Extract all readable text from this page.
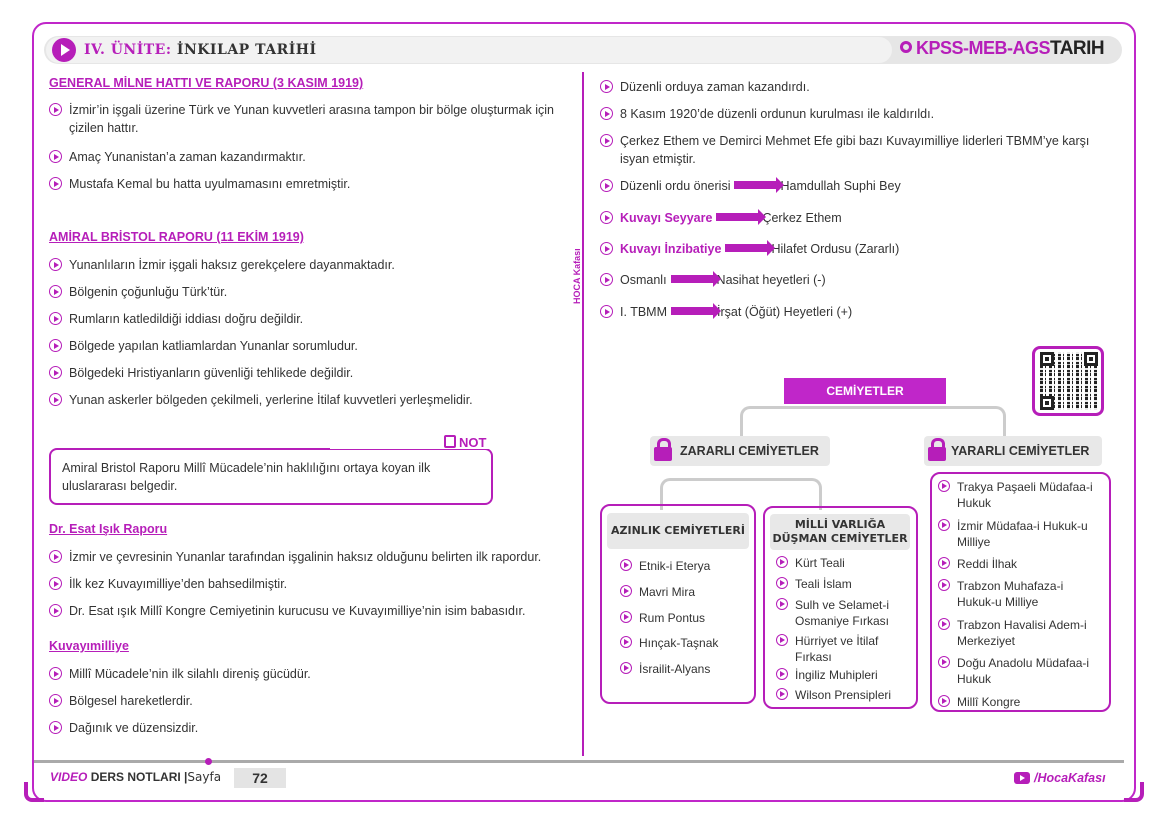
IV. ÜNİTE: İNKILAP TARİHİ	KPSS-MEB-AGSTARIH
GENERAL MİLNE HATTI VE RAPORU (3 KASIM 1919)
İzmir’in işgali üzerine Türk ve Yunan kuvvetleri arasına tampon bir bölge oluşturmak için çizilen hattır.
Amaç Yunanistan’a zaman kazandırmaktır.
Mustafa Kemal bu hatta uyulmamasını emretmiştir.
AMİRAL BRİSTOL RAPORU (11 EKİM 1919)
Yunanlıların İzmir işgali haksız gerekçelere dayanmaktadır.
Bölgenin çoğunluğu Türk’tür.
Rumların katledildiği iddiası doğru değildir.
Bölgede yapılan katliamlardan Yunanlar sorumludur.
Bölgedeki Hristiyanların güvenliği tehlikede değildir.
Yunan askerler bölgeden çekilmeli, yerlerine İtilaf kuvvetleri yerleşmelidir.
NOT
Amiral Bristol Raporu Millî Mücadele’nin haklılığını ortaya koyan ilk uluslararası belgedir.
Dr. Esat Işık Raporu
İzmir ve çevresinin Yunanlar tarafından işgalinin haksız olduğunu belirten ilk rapordur.
İlk kez Kuvayımilliye’den bahsedilmiştir.
Dr. Esat ışık Millî Kongre Cemiyetinin kurucusu ve Kuvayımilliye’nin isim babasıdır.
Kuvayımilliye
Millî Mücadele’nin ilk silahlı direniş gücüdür.
Bölgesel hareketlerdir.
Dağınık ve düzensizdir.
HOCA Kafası
Düzenli orduya zaman kazandırdı.
8 Kasım 1920’de düzenli ordunun kurulması ile kaldırıldı.
Çerkez Ethem ve Demirci Mehmet Efe gibi bazı Kuvayımilliye liderleri TBMM’ye karşı isyan etmiştir.
Düzenli ordu önerisi	Hamdullah Suphi Bey
Kuvayı Seyyare	Çerkez Ethem
Kuvayı İnzibatiye	Hilafet Ordusu (Zararlı)
Osmanlı	Nasihat heyetleri (-)
I. TBMM	İrşat (Öğüt) Heyetleri (+)
CEMİYETLER
ZARARLI CEMİYETLER	YARARLI CEMİYETLER
AZINLIK CEMİYETLERİ
Etnik-i Eterya
Mavri Mira
Rum Pontus
Hınçak-Taşnak
İsrailit-Alyans
MİLLİ VARLIĞA DÜŞMAN CEMİYETLER
Kürt Teali
Teali İslam
Sulh ve Selamet-i Osmaniye Fırkası
Hürriyet ve İtilaf Fırkası
İngiliz Muhipleri
Wilson Prensipleri
Trakya Paşaeli Müdafaa-i Hukuk
İzmir Müdafaa-i Hukuk-u Milliye
Reddi İlhak
Trabzon Muhafaza-i Hukuk-u Milliye
Trabzon Havalisi Adem-i Merkeziyet
Doğu Anadolu Müdafaa-i Hukuk
Millî Kongre
VIDEO DERS NOTLARI |Sayfa	72	/HocaKafası
